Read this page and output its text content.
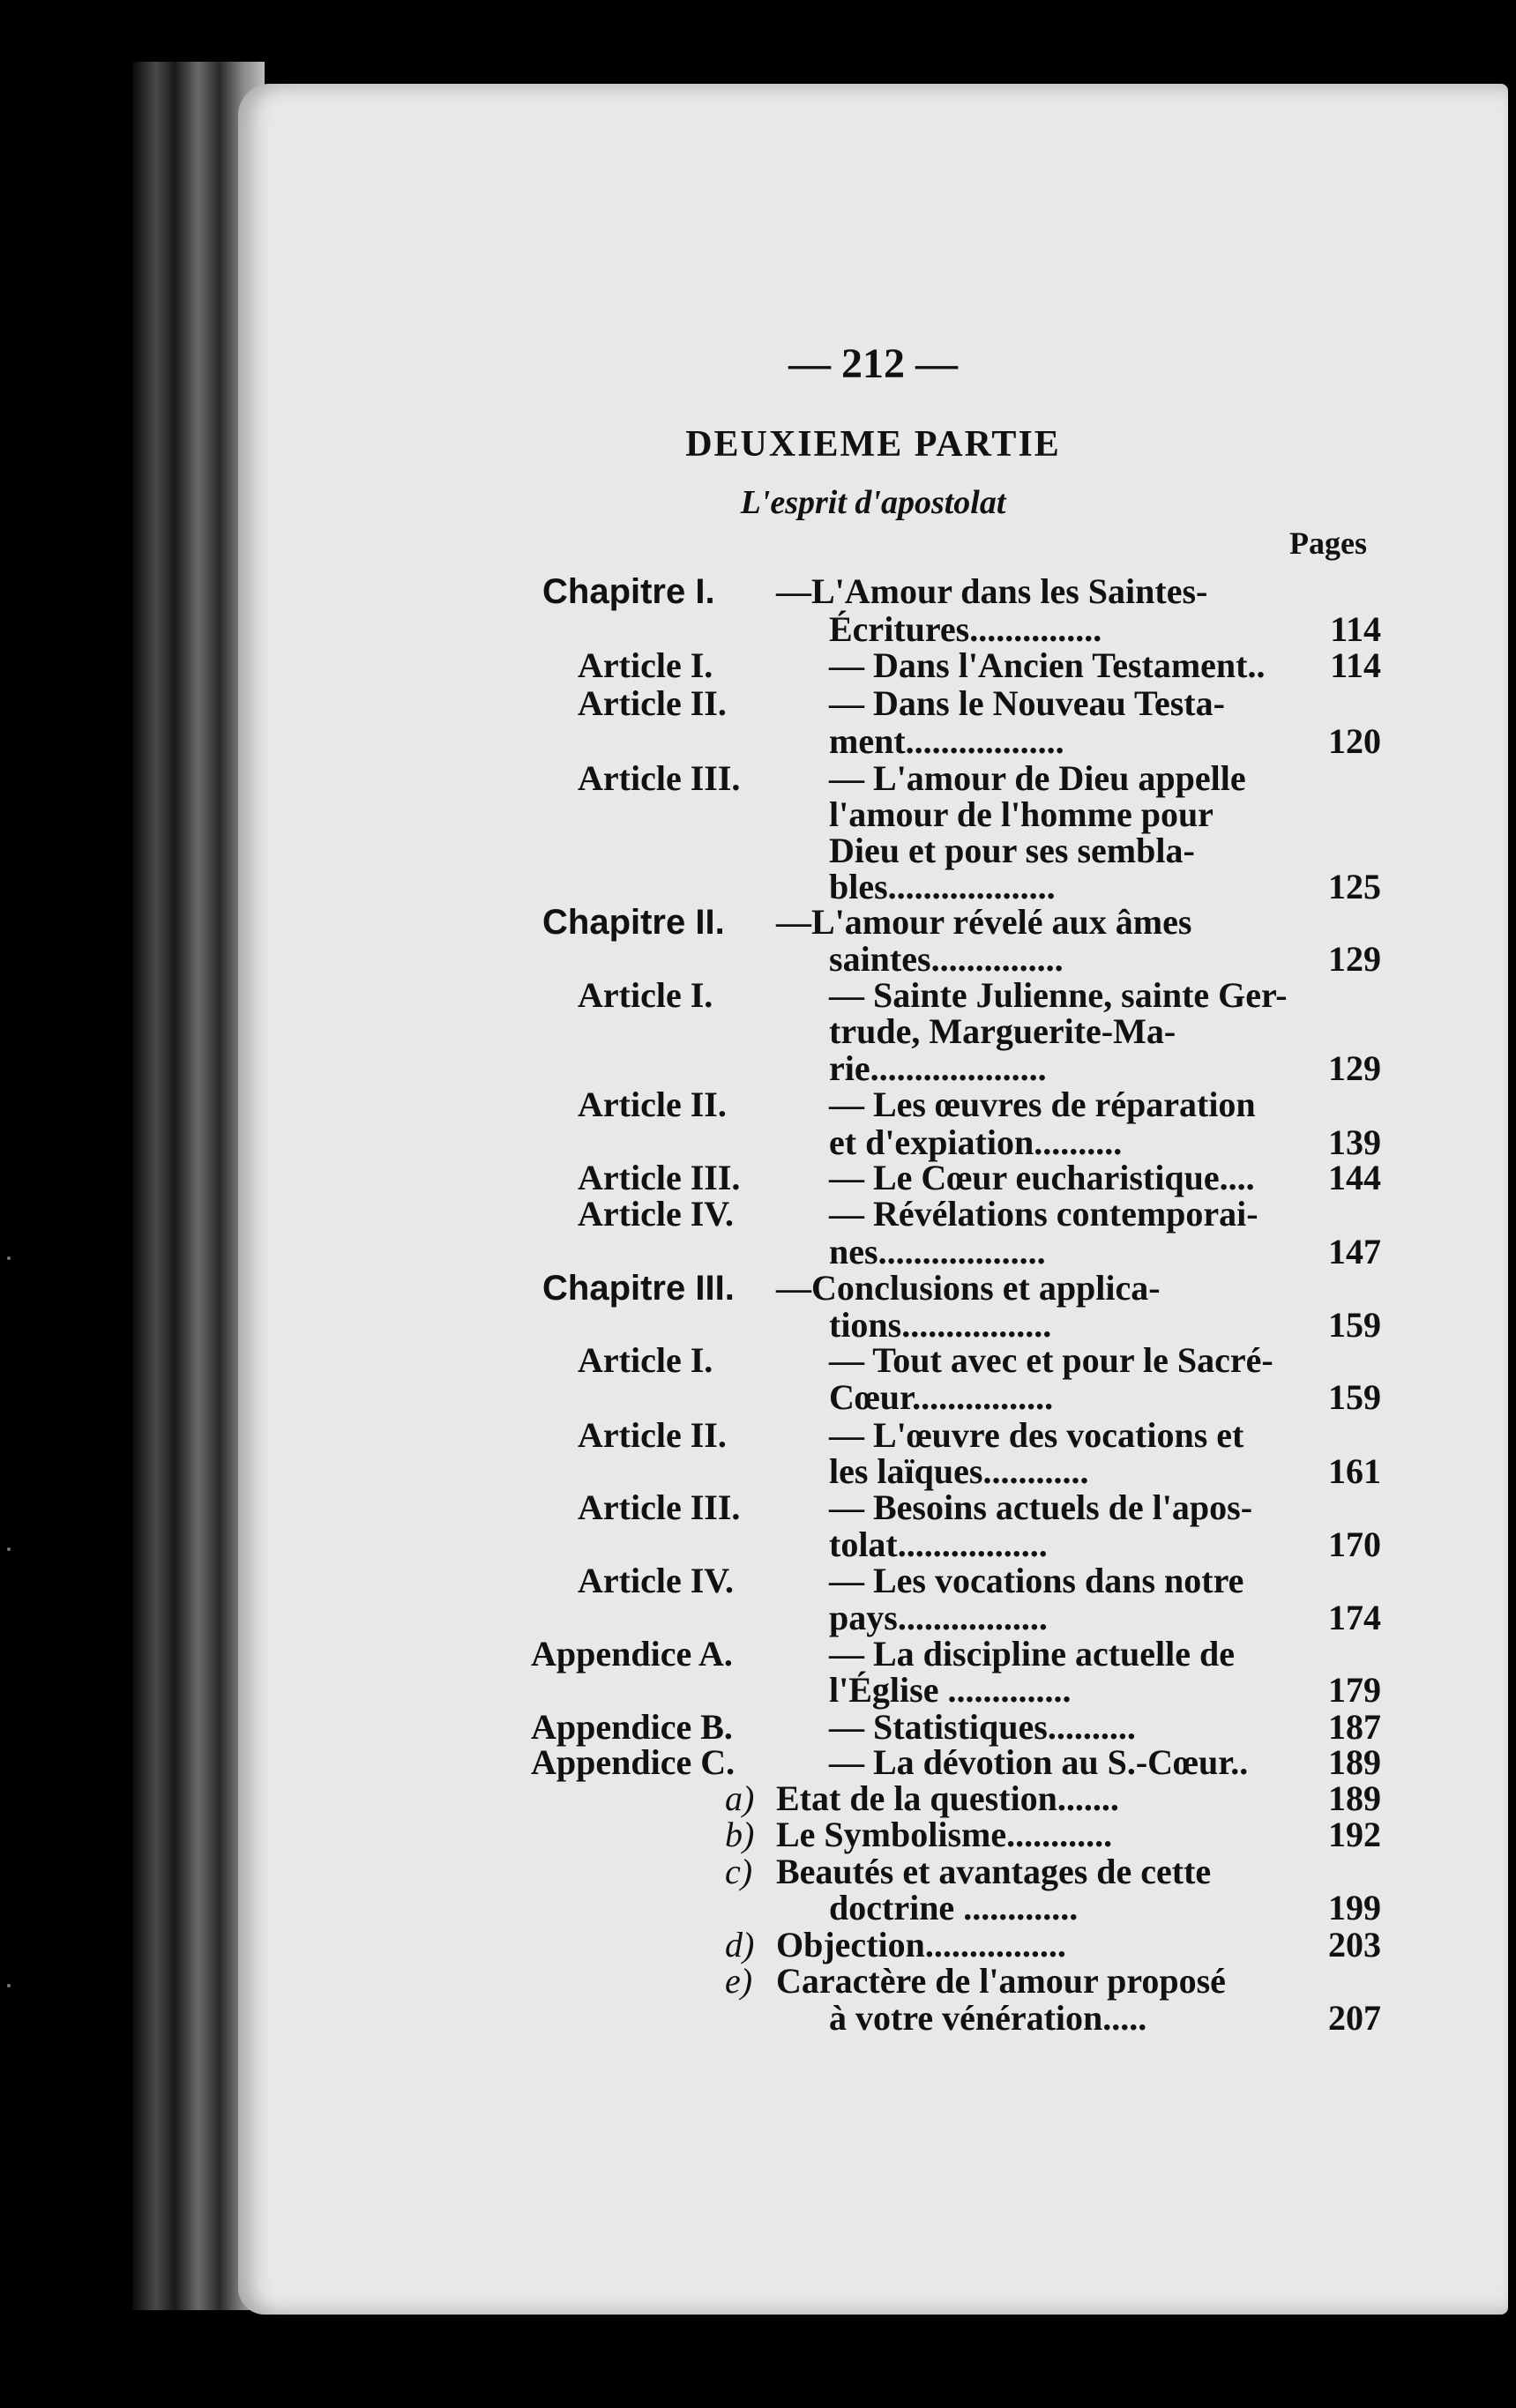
— 212 —
DEUXIEME PARTIE
L'esprit d'apostolat
Pages
Chapitre I. —L'Amour dans les Saintes-
Écritures...............	114
Article I.	— Dans l'Ancien Testament..	114
Article II.	— Dans le Nouveau Testa-
ment..................	120
Article III.	— L'amour de Dieu appelle
l'amour de l'homme pour
Dieu et pour ses sembla-
bles...................	125
Chapitre II. —L'amour révelé aux âmes
saintes...............	129
Article I.	— Sainte Julienne, sainte Ger-
trude, Marguerite-Ma-
rie....................	129
Article II.	— Les œuvres de réparation
et d'expiation..........	139
Article III.	— Le Cœur eucharistique....	144
Article IV.	— Révélations contemporai-
nes...................	147
Chapitre III. —Conclusions et applica-
tions.................	159
Article I.	— Tout avec et pour le Sacré-
Cœur................	159
Article II.	— L'œuvre des vocations et
les laïques............	161
Article III.	— Besoins actuels de l'apos-
tolat.................	170
Article IV.	— Les vocations dans notre
pays.................	174
Appendice A.	— La discipline actuelle de
l'Église ..............	179
Appendice B.	— Statistiques..........	187
Appendice C.	— La dévotion au S.-Cœur..	189
a) Etat de la question.......	189
b) Le Symbolisme............	192
c) Beautés et avantages de cette
doctrine .............	199
d) Objection................	203
e) Caractère de l'amour proposé
à votre vénération.....	207
